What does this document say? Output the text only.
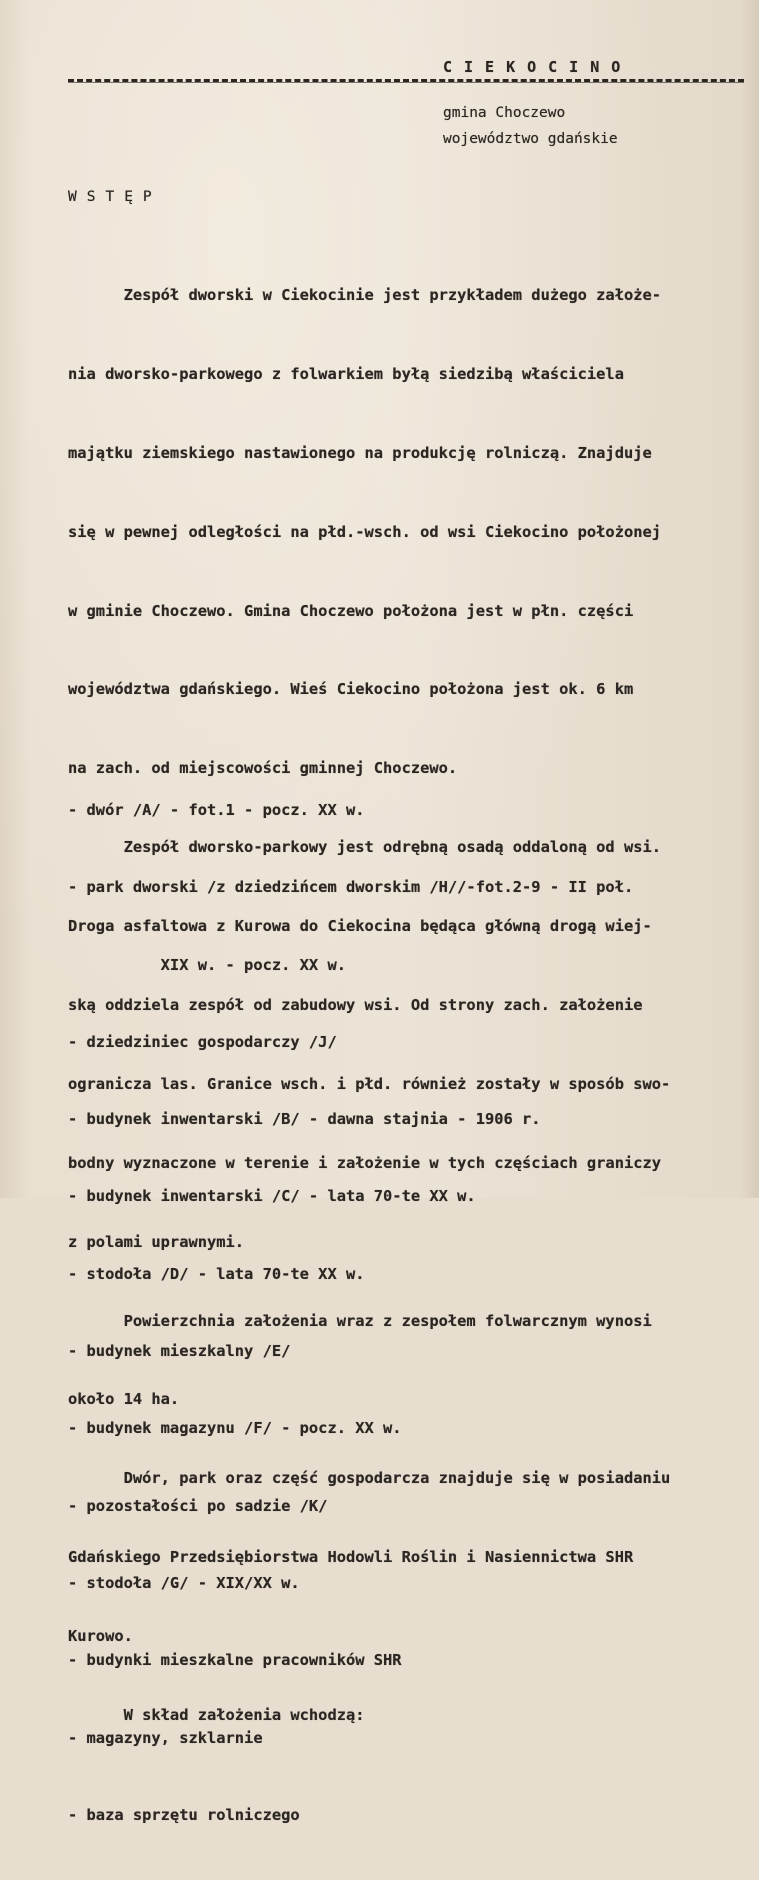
CIEKOCINO
gmina Choczewo
województwo gdańskie
WSTĘP

Zespół dworski w Ciekocinie jest przykładem dużego założe-

nia dworsko-parkowego z folwarkiem byłą siedzibą właściciela

majątku ziemskiego nastawionego na produkcję rolniczą. Znajduje

się w pewnej odległości na płd.-wsch. od wsi Ciekocino położonej

w gminie Choczewo. Gmina Choczewo położona jest w płn. części

województwa gdańskiego. Wieś Ciekocino położona jest ok. 6 km

na zach. od miejscowości gminnej Choczewo.

Zespół dworsko-parkowy jest odrębną osadą oddaloną od wsi.

Droga asfaltowa z Kurowa do Ciekocina będąca główną drogą wiej-

ską oddziela zespół od zabudowy wsi. Od strony zach. założenie

ogranicza las. Granice wsch. i płd. również zostały w sposób swo-

bodny wyznaczone w terenie i założenie w tych częściach graniczy

z polami uprawnymi.

Powierzchnia założenia wraz z zespołem folwarcznym wynosi

około 14 ha.

Dwór, park oraz część gospodarcza znajduje się w posiadaniu

Gdańskiego Przedsiębiorstwa Hodowli Roślin i Nasiennictwa SHR

Kurowo.

W skład założenia wchodzą:

- dwór /A/ - fot.1 - pocz. XX w.

- park dworski /z dziedzińcem dworskim /H//-fot.2-9 - II poł.

XIX w. - pocz. XX w.

- dziedziniec gospodarczy /J/

- budynek inwentarski /B/ - dawna stajnia - 1906 r.

- budynek inwentarski /C/ - lata 70-te XX w.

- stodoła /D/ - lata 70-te XX w.

- budynek mieszkalny /E/

- budynek magazynu /F/ - pocz. XX w.

- pozostałości po sadzie /K/

- stodoła /G/ - XIX/XX w.

- budynki mieszkalne pracowników SHR

- magazyny, szklarnie

- baza sprzętu rolniczego
